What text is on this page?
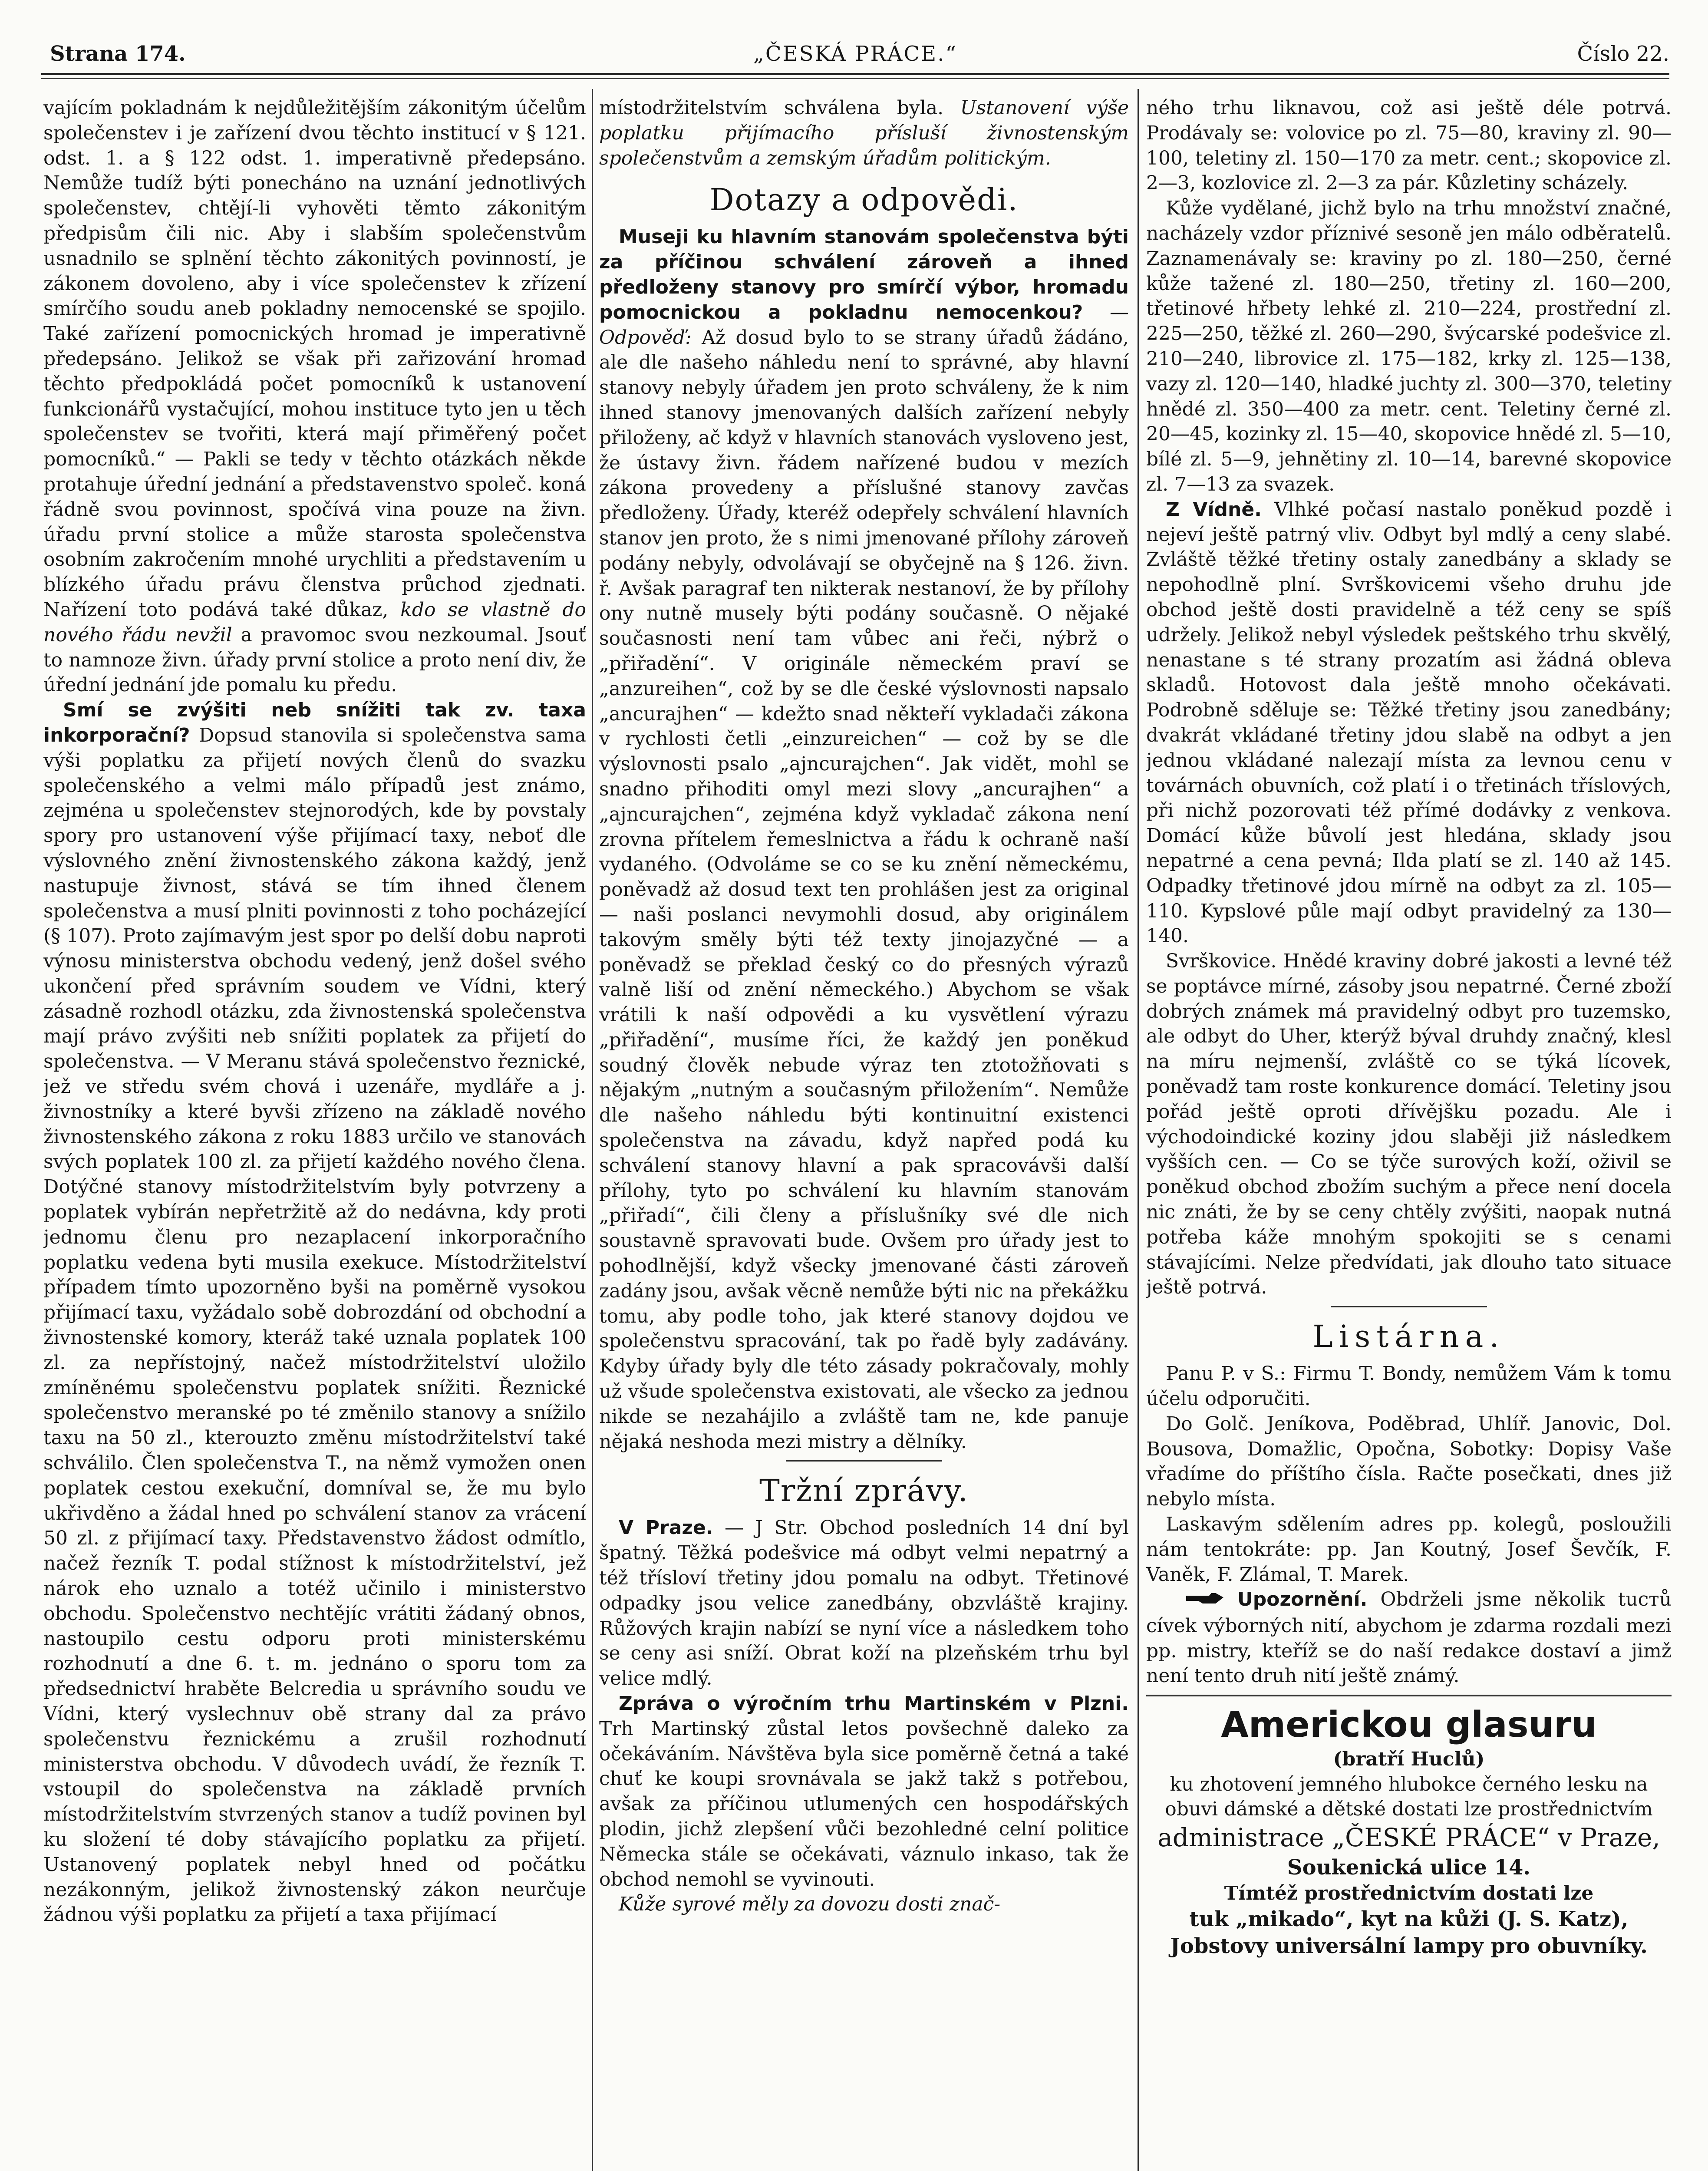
Strana 174.	„ČESKÁ PRÁCE.“	Číslo 22.

vajícím pokladnám k nejdůležitějším zákonitým účelům společenstev i je zařízení dvou těchto institucí v § 121. odst. 1. a § 122 odst. 1. imperativně předepsáno. Nemůže tudíž býti ponecháno na uznání jednotlivých společenstev, chtějí-li vyhověti těmto zákonitým předpisům čili nic. Aby i slabším společenstvům usnadnilo se splnění těchto zákonitých povinností, je zákonem dovoleno, aby i více společenstev k zřízení smírčího soudu aneb pokladny nemocenské se spojilo. Také zařízení pomocnických hromad je imperativně předepsáno. Jelikož se však při zařizování hromad těchto předpokládá počet pomocníků k ustanovení funkcionářů vystačující, mohou instituce tyto jen u těch společenstev se tvořiti, která mají přiměřený počet pomocníků.“ — Pakli se tedy v těchto otázkách někde protahuje úřední jednání a představenstvo společ. koná řádně svou povinnost, spočívá vina pouze na živn. úřadu první stolice a může starostа společenstva osobním zakročením mnohé urychliti a představením u blízkého úřadu právu členstva průchod zjednati. Nařízení toto podává také důkaz, kdo se vlastně do nového řádu nevžil a pravomoc svou nezkoumal. Jsouť to namnoze živn. úřady první stolice a proto není div, že úřední jednání jde pomalu ku předu.

Smí se zvýšiti neb snížiti tak zv. taxa inkorporační? Dopsud stanovila si společenstva sama výši poplatku za přijetí nových členů do svazku společenského a velmi málo případů jest známo, zejména u společenstev stejnorodých, kde by povstaly spory pro ustanovení výše přijímací taxy, neboť dle výslovného znění živnostenského zákona každý, jenž nastupuje živnost, stává se tím ihned členem společenstva a musí plniti povinnosti z toho pocházející (§ 107). Proto zajímavým jest spor po delší dobu naproti výnosu ministerstva obchodu vedený, jenž došel svého ukončení před správním soudem ve Vídni, který zásadně rozhodl otázku, zda živnostenská společenstva mají právo zvýšiti neb snížiti poplatek za přijetí do společenstva. — V Meranu stává společenstvo řeznické, jež ve středu svém chová i uzenáře, mydláře a j. živnostníky a které byvši zřízeno na základě nového živnostenského zákona z roku 1883 určilo ve stanovách svých poplatek 100 zl. za přijetí každého nového člena. Dotýčné stanovy místodržitelstvím byly potvrzeny a poplatek vybírán nepřetržitě až do nedávna, kdy proti jednomu členu pro nezaplacení inkorporačního poplatku vedena byti musila exekuce. Místodržitelství případem tímto upozorněno byši na poměrně vysokou přijímací taxu, vyžádalo sobě dobrozdání od obchodní a živnostenské komory, kteráž také uznala poplatek 100 zl. za nepřístojný, načež místodržitelství uložilo zmíněnému společenstvu poplatek snížiti. Řeznické společenstvo meranské po té změnilo stanovy a snížilo taxu na 50 zl., kterouzto změnu místodržitelství také schválilo. Člen společenstva T., na němž vymožen onen poplatek cestou exekuční, domníval se, že mu bylo ukřivděno a žádal hned po schválení stanov za vrácení 50 zl. z přijímací taxy. Představenstvo žádost odmítlo, načež řezník T. podal stížnost k místodržitelství, jež nárok ehо uznalo a totéž učinilo i ministerstvo obchodu. Společenstvo nechtějíc vrátiti žádaný obnos, nastoupilo cestu odporu proti ministerskému rozhodnutí a dne 6. t. m. jednáno o sporu tom za předsednictví hraběte Belcredia u správního soudu ve Vídni, který vyslechnuv obě strany dal za právo společenstvu řeznickému a zrušil rozhodnutí ministerstva obchodu. V důvodech uvádí, že řezník T. vstoupil do společenstva na základě prvních místodržitelstvím stvrzených stanov a tudíž povinen byl ku složení té doby stávajícího poplatku za přijetí. Ustanovený poplatek nebyl hned od počátku nezákonným, jelikož živnostenský zákon neurčuje žádnou výši poplatku za přijetí a taxa přijímací

místodržitelstvím schválena byla. Ustanovení výše poplatku přijímacího přísluší živnostenským společenstvům a zemským úřadům politickým.

Dotazy a odpovědi.

Museji ku hlavním stanovám společenstva býti za příčinou schválení zároveň a ihned předloženy stanovy pro smírčí výbor, hromadu pomocnickou a pokladnu nemocenkou? — Odpověď: Až dosud bylo to se strany úřadů žádáno, ale dle našeho náhledu není to správné, aby hlavní stanovy nebyly úřadem jen proto schváleny, že k nim ihned stanovy jmenovaných dalších zařízení nebyly přiloženy, ač když v hlavních stanovách vysloveno jest, že ústavy živn. řádem nařízené budou v mezích zákona provedeny a příslušné stanovy zavčas předloženy. Úřady, kteréž odepřely schválení hlavních stanov jen proto, že s nimi jmenované přílohy zároveň podány nebyly, odvolávají se obyčejně na § 126. živn. ř. Avšak paragraf ten nikterak nestanoví, že by přílohy ony nutně musely býti podány současně. O nějaké současnosti není tam vůbec ani řeči, nýbrž o „přiřadění“. V originále německém praví se „anzureihen“, což by se dle české výslovnosti napsalo „ancurajhen“ — kdežto snad někteří vykladači zákona v rychlosti četli „einzureichen“ — což by se dle výslovnosti psalo „ajncurajchen“. Jak vidět, mohl se snadno přihoditi omyl mezi slovy „ancurajhen“ a „ajncurajchen“, zejména když vykladač zákona není zrovna přítelem řemeslnictva a řádu k ochraně naší vydaného. (Odvoláme se co se ku znění německému, poněvadž až dosud text ten prohlášen jest za original — naši poslanci nevymohli dosud, aby originálem takovým směly býti též texty jinojazyčné — a poněvadž se překlad český co do přesných výrazů valně liší od znění německého.) Abychom se však vrátili k naší odpovědi a ku vysvětlení výrazu „přiřadění“, musíme říci, že každý jen poněkud soudný člověk nebude výraz ten ztotožňovati s nějakým „nutným a současným přiložením“. Nemůže dle našeho náhledu býti kontinuitní existenci společenstva na závadu, když napřed podá ku schválení stanovy hlavní a pak spracovávši další přílohy, tyto po schválení ku hlavním stanovám „přiřadí“, čili členy a příslušníky své dle nich soustavně spravovati bude. Ovšem pro úřady jest to pohodlnější, když všecky jmenované části zároveň zadány jsou, avšak věcně nemůže býti nic na překážku tomu, aby podle toho, jak které stanovy dojdou ve společenstvu spracování, tak po řadě byly zadávány. Kdyby úřady byly dle této zásady pokračovaly, mohly už všude společenstva existovati, ale všecko za jednou nikde se nezahájilo a zvláště tam ne, kde panuje nějaká neshoda mezi mistry a dělníky.

Tržní zprávy.

V Praze. — J Str. Obchod posledních 14 dní byl špatný. Těžká podešvice má odbyt velmi nepatrný a též třísloví třetiny jdou pomalu na odbyt. Třetinové odpadky jsou velice zanedbány, obzvláště krajiny. Růžových krajin nabízí se nyní více a následkem toho se ceny asi sníží. Obrat koží na plzeňském trhu byl velice mdlý.

Zpráva o výročním trhu Martinském v Plzni. Trh Martinský zůstal letos povšechně daleko za očekáváním. Návštěva byla sice poměrně četná a také chuť ke koupi srovnávala se jakž takž s potřebou, avšak za příčinou utlumených cen hospodářských plodin, jichž zlepšení vůči bezohledné celní politice Německa stále se očekávati, váznulo inkaso, tak že obchod nemohl se vyvinouti.

Kůže syrové měly za dovozu dosti znač-

ného trhu liknavou, což asi ještě déle potrvá. Prodávaly se: volovice po zl. 75—80, kraviny zl. 90—100, teletiny zl. 150—170 za metr. cent.; skopovice zl. 2—3, kozlovice zl. 2—3 za pár. Kůzletiny scházely.

Kůže vydělané, jichž bylo na trhu množství značné, nacházely vzdor příznivé sesoně jen málo odběratelů. Zaznamenávaly se: kraviny po zl. 180—250, černé kůže tažené zl. 180—250, třetiny zl. 160—200, třetinové hřbety lehké zl. 210—224, prostřední zl. 225—250, těžké zl. 260—290, švýcarské podešvice zl. 210—240, librovice zl. 175—182, krky zl. 125—138, vazy zl. 120—140, hladké juchty zl. 300—370, teletiny hnědé zl. 350—400 za metr. cent. Teletiny černé zl. 20—45, kozinky zl. 15—40, skopovice hnědé zl. 5—10, bílé zl. 5—9, jehnětiny zl. 10—14, barevné skopovice zl. 7—13 za svazek.

Z Vídně. Vlhké počasí nastalo poněkud pozdě i nejeví ještě patrný vliv. Odbyt byl mdlý a ceny slabé. Zvláště těžké třetiny ostaly zanedbány a sklady se nepohodlně plní. Svrškovicemi všeho druhu jde obchod ještě dosti pravidelně a též ceny se spíš udržely. Jelikož nebyl výsledek peštského trhu skvělý, nenastane s té strany prozatím asi žádná obleva skladů. Hotovost dala ještě mnoho očekávati. Podrobně sděluje se: Těžké třetiny jsou zanedbány; dvakrát vkládané třetiny jdou slabě na odbyt a jen jednou vkládané nalezají místa za levnou cenu v továrnách obuvních, což platí i o třetinách tříslových, při nichž pozorovati též přímé dodávky z venkova. Domácí kůže bůvolí jest hledána, sklady jsou nepatrné a cena pevná; Ilda platí se zl. 140 až 145. Odpadky třetinové jdou mírně na odbyt za zl. 105—110. Kypslové půle mají odbyt pravidelný za 130—140.

Svrškovice. Hnědé kraviny dobré jakosti a levné též se poptávce mírné, zásoby jsou nepatrné. Černé zboží dobrých známek má pravidelný odbyt pro tuzemsko, ale odbyt do Uher, kterýž býval druhdy značný, klesl na míru nejmenší, zvláště co se týká lícovek, poněvadž tam roste konkurence domácí. Teletiny jsou pořád ještě oproti dřívějšku pozadu. Ale i východoindické koziny jdou slaběji již následkem vyšších cen. — Co se týče surových koží, oživil se poněkud obchod zbožím suchým a přece není docela nic znáti, že by se ceny chtěly zvýšiti, naopak nutná potřeba káže mnohým spokojiti se s cenami stávajícími. Nelze předvídati, jak dlouho tato situace ještě potrvá.

Listárna.

Panu P. v S.: Firmu T. Bondy, nemůžem Vám k tomu účelu odporučiti.

Do Golč. Jeníkova, Poděbrad, Uhlíř. Janovic, Dol. Bousova, Domažlic, Opočna, Sobotky: Dopisy Vaše vřadíme do příštího čísla. Račte posečkati, dnes již nebylo místa.

Laskavým sdělením adres pp. kolegů, posloužili nám tentokráte: pp. Jan Koutný, Josef Ševčík, F. Vaněk, F. Zlámal, T. Marek.

Upozornění. Obdrželi jsme několik tucтů cívek výborných nití, abychom je zdarma rozdali mezi pp. mistry, kteříž se do naší redakce dostaví a jimž není tento druh nití ještě známý.

Americkou glasuru
(bratří Huclů)
ku zhotovení jemného hlubokce černého lesku na obuvi dámské a dětské dostati lze prostřednictvím
administrace „ČESKÉ PRÁCE“ v Praze,
Soukenická ulice 14.
Tímtéž prostřednictvím dostati lze
tuk „mikado“, kyt na kůži (J. S. Katz), Jobstovy universální lampy pro obuvníky.
